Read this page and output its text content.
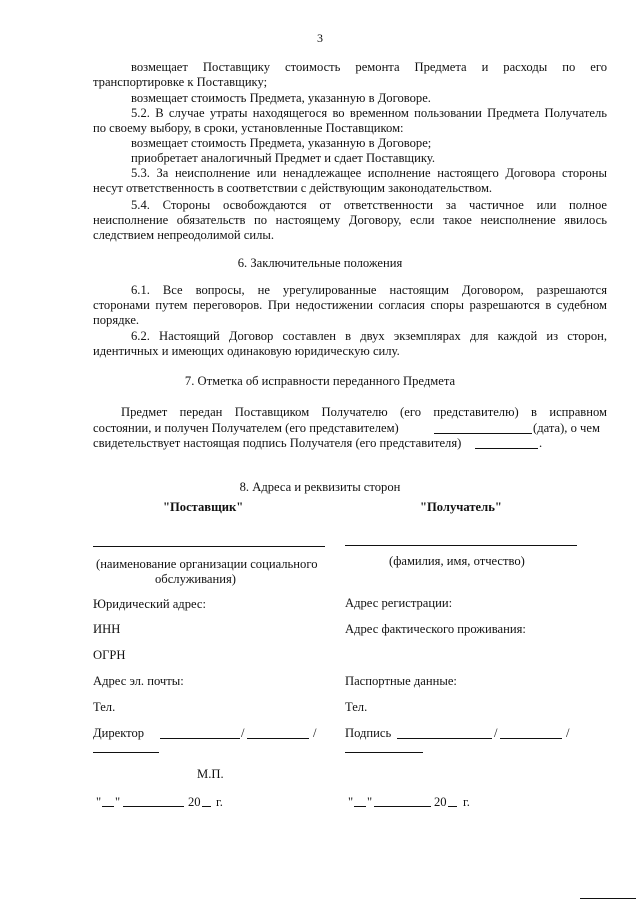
3
возмещает Поставщику стоимость ремонта Предмета и расходы по его
транспортировке к Поставщику;
возмещает стоимость Предмета, указанную в Договоре.
5.2. В случае утраты находящегося во временном пользовании Предмета Получатель
по своему выбору, в сроки, установленные Поставщиком:
возмещает стоимость Предмета, указанную в Договоре;
приобретает аналогичный Предмет и сдает Поставщику.
5.3. За неисполнение или ненадлежащее исполнение настоящего Договора стороны
несут ответственность в соответствии с действующим законодательством.
5.4. Стороны освобождаются от ответственности за частичное или полное
неисполнение обязательств по настоящему Договору, если такое неисполнение явилось
следствием непреодолимой силы.
6. Заключительные положения
6.1. Все вопросы, не урегулированные настоящим Договором, разрешаются
сторонами путем переговоров. При недостижении согласия споры разрешаются в судебном
порядке.
6.2. Настоящий Договор составлен в двух экземплярах для каждой из сторон,
идентичных и имеющих одинаковую юридическую силу.
7. Отметка об исправности переданного Предмета
Предмет передан Поставщиком Получателю (его представителю) в исправном
состоянии, и получен Получателем (его представителем)	(дата), о чем
свидетельствует настоящая подпись Получателя (его представителя)	.
8. Адреса и реквизиты сторон
"Поставщик"
(наименование организации социального
обслуживания)
Юридический адрес:
ИНН
ОГРН
Адрес эл. почты:
Тел.
Директор	/	/
М.П.
" "	20 г.
"Получатель"
(фамилия, имя, отчество)
Адрес регистрации:
Адрес фактического проживания:
Паспортные данные:
Тел.
Подпись	/	/
" "	20 г.
